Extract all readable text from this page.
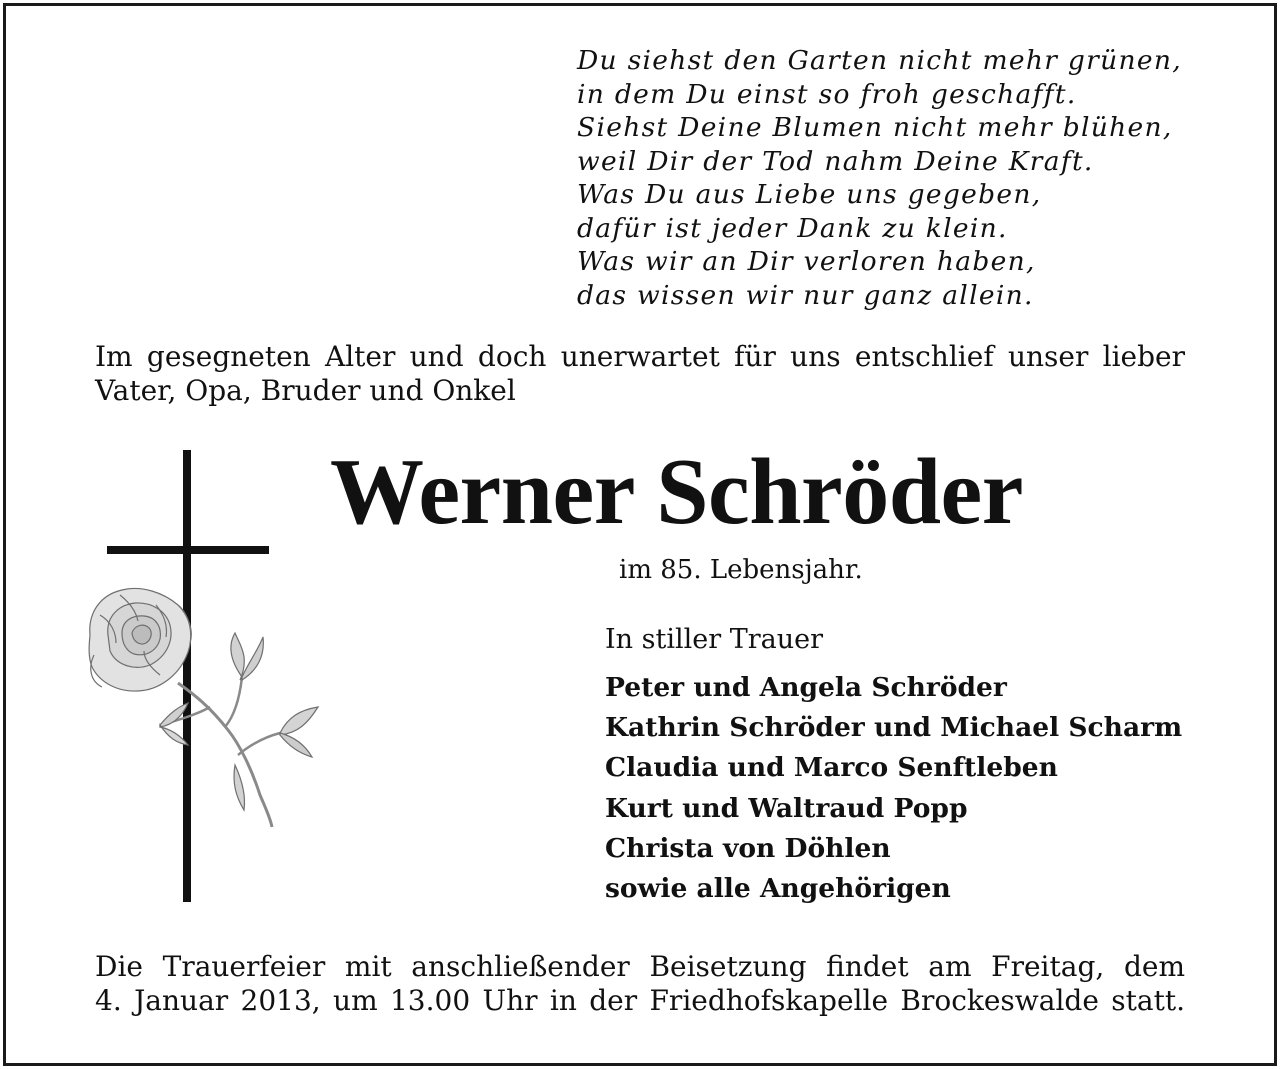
Du siehst den Garten nicht mehr grünen,
in dem Du einst so froh geschafft.
Siehst Deine Blumen nicht mehr blühen,
weil Dir der Tod nahm Deine Kraft.
Was Du aus Liebe uns gegeben,
dafür ist jeder Dank zu klein.
Was wir an Dir verloren haben,
das wissen wir nur ganz allein.
Im gesegneten Alter und doch unerwartet für uns entschlief unser lieber
Vater, Opa, Bruder und Onkel
Werner Schröder
im 85. Lebensjahr.
In stiller Trauer
Peter und Angela Schröder
Kathrin Schröder und Michael Scharm
Claudia und Marco Senftleben
Kurt und Waltraud Popp
Christa von Döhlen
sowie alle Angehörigen
Die Trauerfeier mit anschließender Beisetzung findet am Freitag, dem
4. Januar 2013, um 13.00 Uhr in der Friedhofskapelle Brockeswalde statt.
